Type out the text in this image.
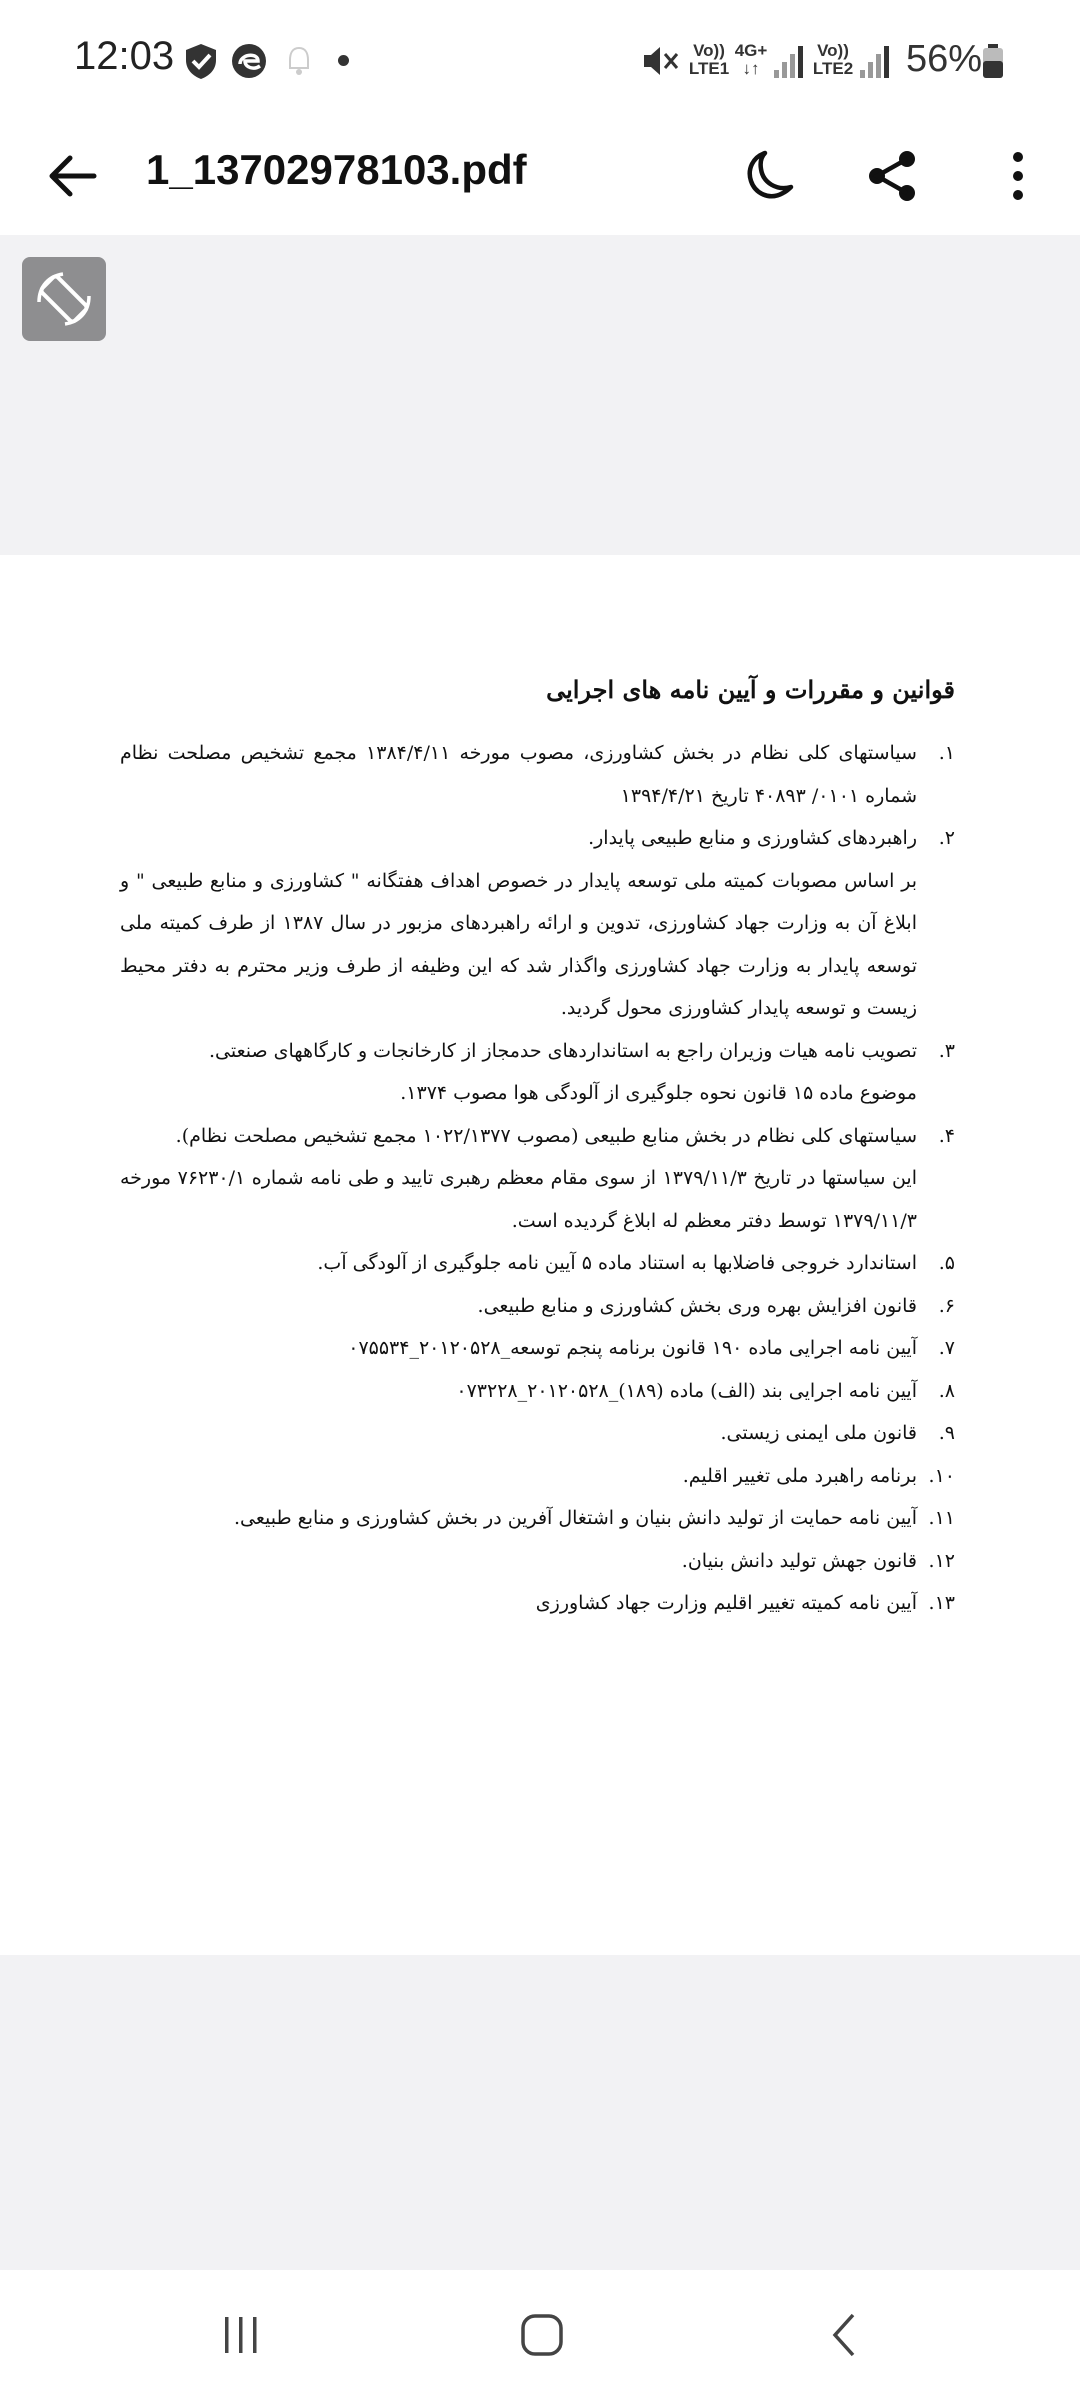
12:03	Vo))
LTE1
4G+
↓↑
Vo))
LTE2 56%
1_13702978103.pdf
قوانین و مقررات و آیین نامه های اجرایی
۱.
سیاستهای کلی نظام در بخش کشاورزی، مصوب مورخه ۱۳۸۴/۴/۱۱ مجمع تشخیص مصلحت نظام شماره ۰۱۰۱/ ۴۰۸۹۳ تاریخ ۱۳۹۴/۴/۲۱
۲.
راهبردهای کشاورزی و منابع طبیعی پایدار.
بر اساس مصوبات کمیته ملی توسعه پایدار در خصوص اهداف هفتگانه " کشاورزی و منابع طبیعی " و ابلاغ آن به وزارت جهاد کشاورزی، تدوین و ارائه راهبردهای مزبور در سال ۱۳۸۷ از طرف کمیته ملی توسعه پایدار به وزارت جهاد کشاورزی واگذار شد که این وظیفه از طرف وزیر محترم به دفتر محیط زیست و توسعه پایدار کشاورزی محول گردید.
۳.
تصویب نامه هیات وزیران راجع به استانداردهای حدمجاز از کارخانجات و کارگاههای صنعتی.
موضوع ماده ۱۵ قانون نحوه جلوگیری از آلودگی هوا مصوب ۱۳۷۴.
۴.
سیاستهای کلی نظام در بخش منابع طبیعی (مصوب ۱۰۲۲/۱۳۷۷ مجمع تشخیص مصلحت نظام).
این سیاستها در تاریخ ۱۳۷۹/۱۱/۳ از سوی مقام معظم رهبری تایید و طی نامه شماره ۷۶۲۳۰/۱ مورخه ۱۳۷۹/۱۱/۳ توسط دفتر معظم له ابلاغ گردیده است.
۵.
استاندارد خروجی فاضلابها به استناد ماده ۵ آیین نامه جلوگیری از آلودگی آب.
۶.
قانون افزایش بهره وری بخش کشاورزی و منابع طبیعی.
۷.
آیین نامه اجرایی ماده ۱۹۰ قانون برنامه پنجم توسعه_۲۰۱۲۰۵۲۸_۰۷۵۵۳۴
۸.
آیین نامه اجرایی بند (الف) ماده (۱۸۹)_۲۰۱۲۰۵۲۸_۰۷۳۲۲۸
۹.
قانون ملی ایمنی زیستی.
۱۰.
برنامه راهبرد ملی تغییر اقلیم.
۱۱.
آیین نامه حمایت از تولید دانش بنیان و اشتغال آفرین در بخش کشاورزی و منابع طبیعی.
۱۲.
قانون جهش تولید دانش بنیان.
۱۳.
آیین نامه کمیته تغییر اقلیم وزارت جهاد کشاورزی
